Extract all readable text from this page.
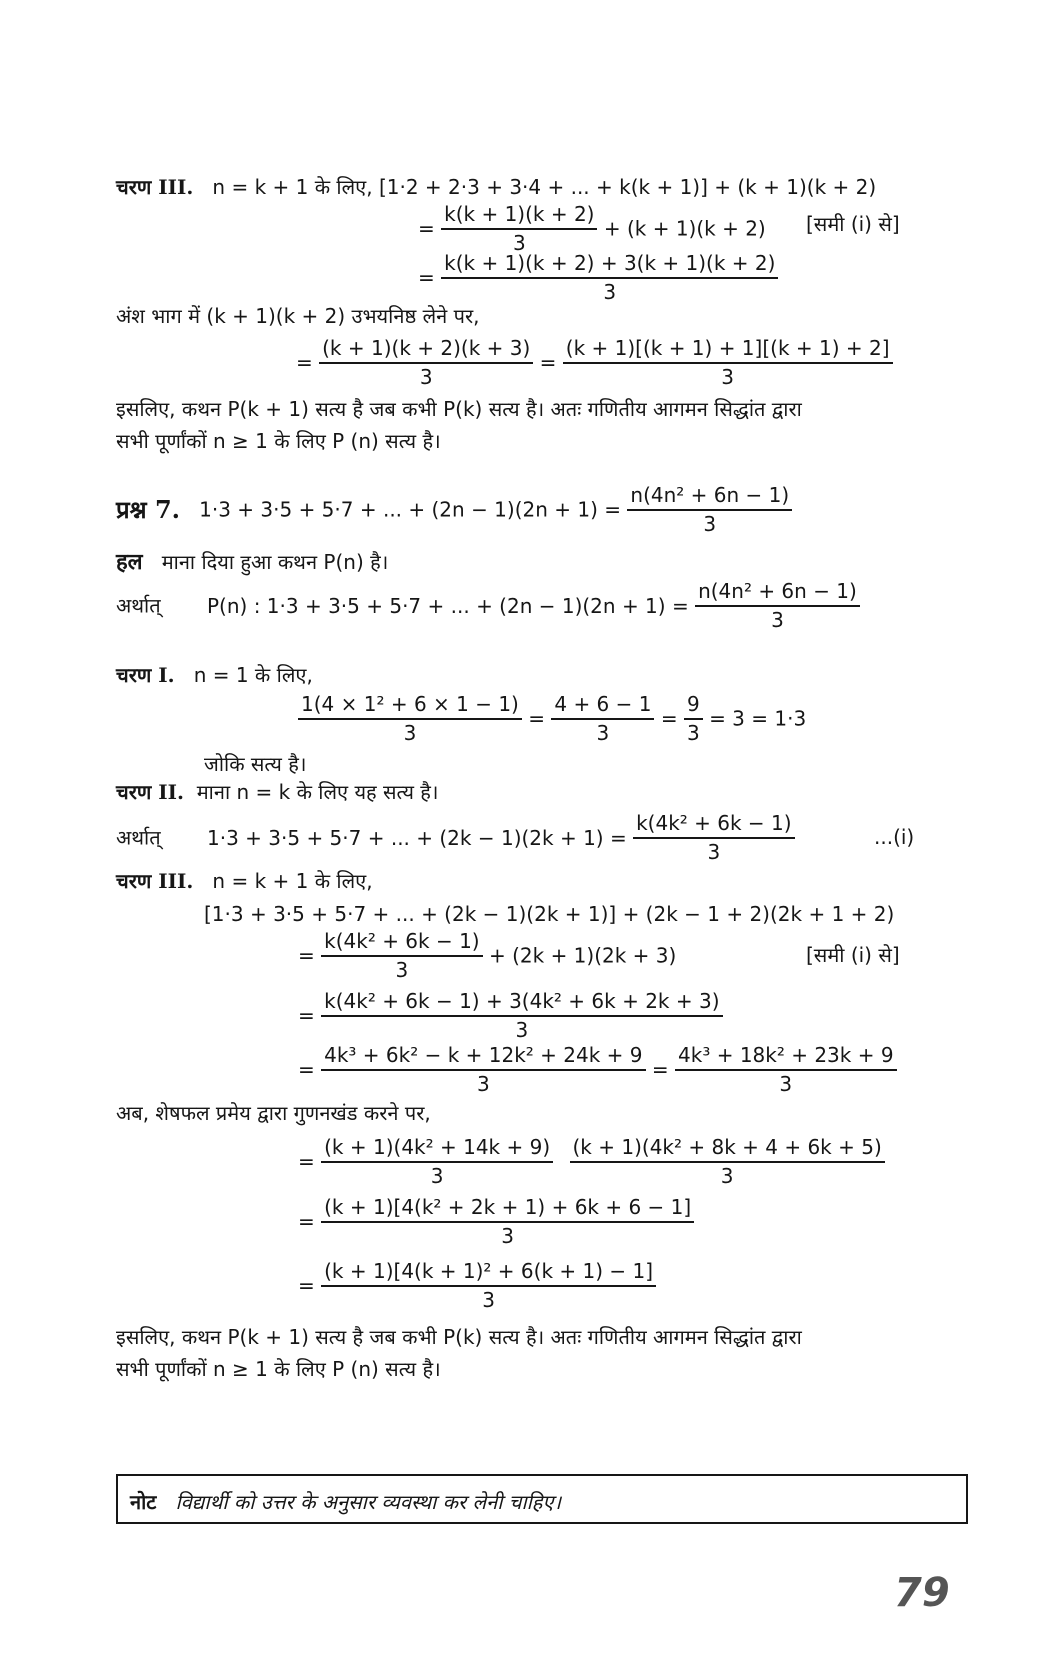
चरण III. n = k + 1 के लिए, [1·2 + 2·3 + 3·4 + ... + k(k + 1)] + (k + 1)(k + 2)
= $\frac{k(k + 1)(k + 2)}{3} + (k + 1)(k + 2)$ [समी (i) से]
= $\frac{k(k + 1)(k + 2) + 3(k + 1)(k + 2)}{3}$
अंश भाग में (k + 1)(k + 2) उभयनिष्ठ लेने पर,
= $\frac{(k + 1)(k + 2)(k + 3)}{3} = \frac{(k + 1)[(k + 1) + 1][(k + 1) + 2]}{3}$
इसलिए, कथन P(k + 1) सत्य है जब कभी P(k) सत्य है। अतः गणितीय आगमन सिद्धांत द्वारा
सभी पूर्णांकों n ≥ 1 के लिए P (n) सत्य है।
प्रश्न 7. 1·3 + 3·5 + 5·7 + ... + $(2n - 1)(2n + 1) = \frac{\text{n(4n² + 6n − 1)}}{3}$
हल माना दिया हुआ कथन P(n) है।
अर्थात् P(n) : 1·3 + 3·5 + 5·7 + ... + $(2n - 1)(2n + 1) = \frac{\text{n(4n² + 6n − 1)}}{3}$
चरण I. n = 1 के लिए,
$\frac{\text{1(4 × 1² + 6 × 1 − 1)}}{3} = \frac{4 + 6 - 1}{3} = \frac{9}{3} = 3 = 1\cdot 3$
जोकि सत्य है।
चरण II. माना n = k के लिए यह सत्य है।
अर्थात् 1·3 + 3·5 + 5·7 + ... + $(2k - 1)(2k + 1) = \frac{\text{k(4k² + 6k − 1)}}{3}$	...(i)
चरण III. n = k + 1 के लिए,
[1·3 + 3·5 + 5·7 + ... + (2k − 1)(2k + 1)] + (2k − 1 + 2)(2k + 1 + 2)
= $\frac{\text{k(4k² + 6k − 1)}}{3} + (2k + 1)(2k + 3)$	[समी (i) से]
= $\frac{\text{k(4k² + 6k − 1) + 3(4k² + 6k + 2k + 3)}}{3}$
= $\frac{\text{4k³ + 6k² − k + 12k² + 24k + 9}}{3} = \frac{\text{4k³ + 18k² + 23k + 9}}{3}$
अब, शेषफल प्रमेय द्वारा गुणनखंड करने पर,
= $\frac{\text{(k + 1)(4k² + 14k + 9)}}{3}$
$\frac{\text{(k + 1)(4k² + 8k + 4 + 6k + 5)}}{3}$
= $\frac{\text{(k + 1)[4(k² + 2k + 1) + 6k + 6 − 1]}}{3}$
= $\frac{\text{(k + 1)[4(k + 1)² + 6(k + 1) − 1]}}{3}$
इसलिए, कथन P(k + 1) सत्य है जब कभी P(k) सत्य है। अतः गणितीय आगमन सिद्धांत द्वारा
सभी पूर्णांकों n ≥ 1 के लिए P (n) सत्य है।
नोट विद्यार्थी को उत्तर के अनुसार व्यवस्था कर लेनी चाहिए।
79
